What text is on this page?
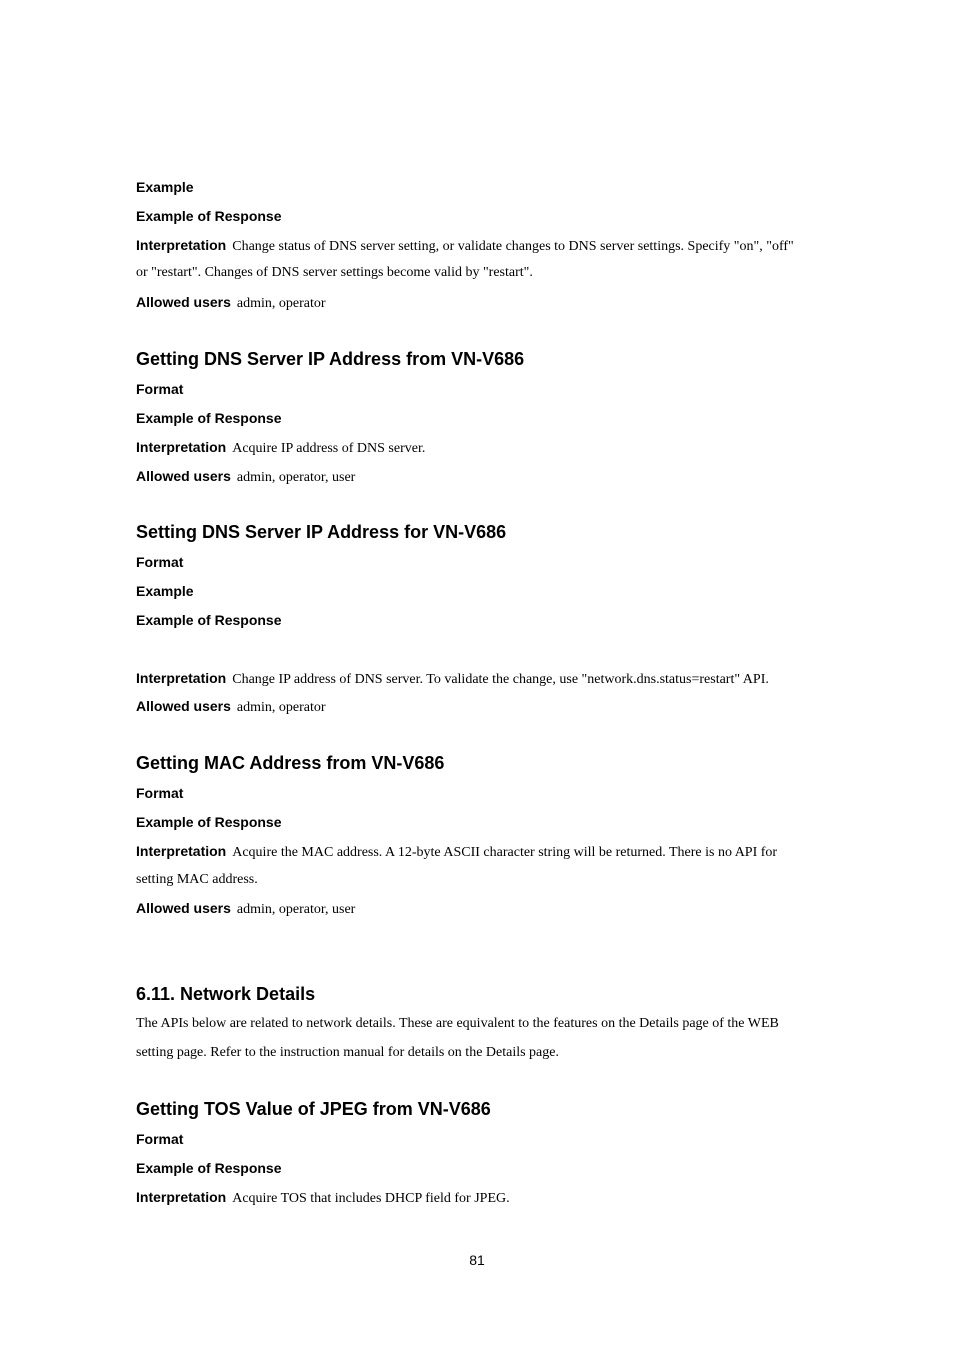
Example
Example of Response
Interpretation Change status of DNS server setting, or validate changes to DNS server settings. Specify "on", "off"
or "restart". Changes of DNS server settings become valid by "restart".
Allowed users admin, operator
Getting DNS Server IP Address from VN-V686
Format
Example of Response
Interpretation Acquire IP address of DNS server.
Allowed users admin, operator, user
Setting DNS Server IP Address for VN-V686
Format
Example
Example of Response
Interpretation Change IP address of DNS server. To validate the change, use "network.dns.status=restart" API.
Allowed users admin, operator
Getting MAC Address from VN-V686
Format
Example of Response
Interpretation Acquire the MAC address. A 12-byte ASCII character string will be returned. There is no API for
setting MAC address.
Allowed users admin, operator, user
6.11. Network Details
The APIs below are related to network details. These are equivalent to the features on the Details page of the WEB
setting page. Refer to the instruction manual for details on the Details page.
Getting TOS Value of JPEG from VN-V686
Format
Example of Response
Interpretation Acquire TOS that includes DHCP field for JPEG.
81
